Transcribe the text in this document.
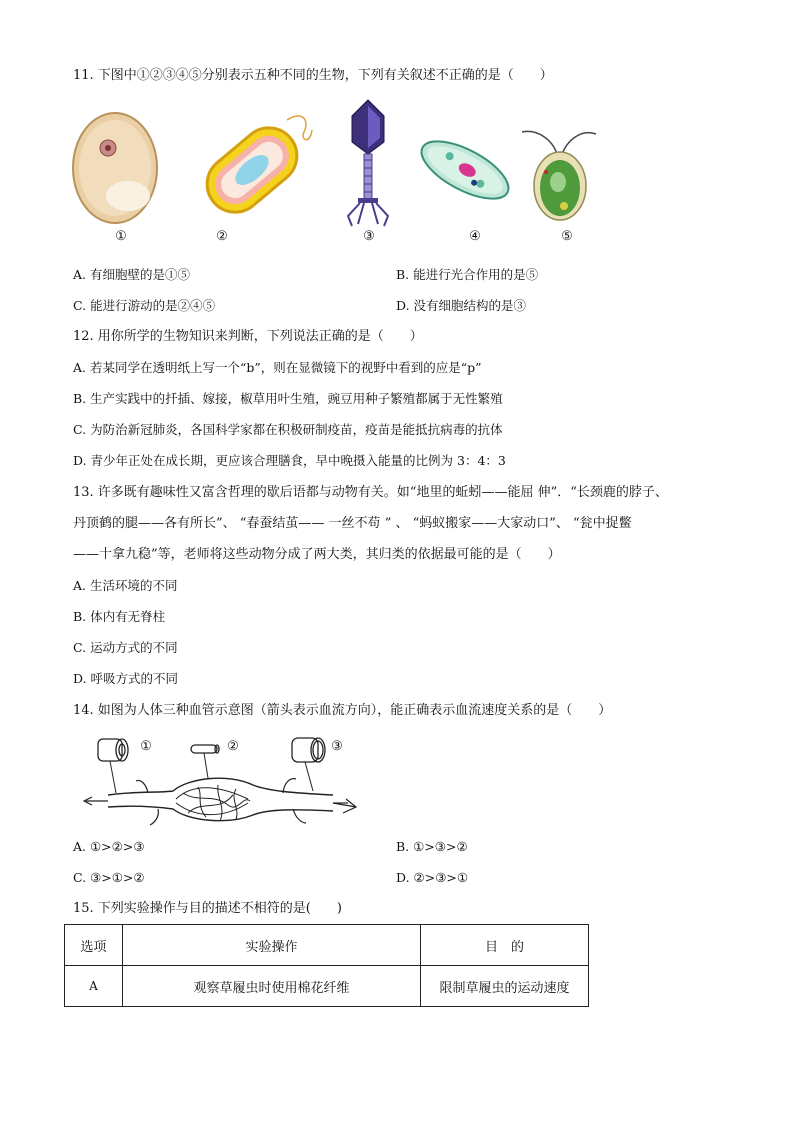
11. 下图中①②③④⑤分别表示五种不同的生物，下列有关叙述不正确的是（　　）
①	②	③	④	⑤
A. 有细胞壁的是①⑤	B. 能进行光合作用的是⑤
C. 能进行游动的是②④⑤	D. 没有细胞结构的是③
12. 用你所学的生物知识来判断，下列说法正确的是（　　）
A. 若某同学在透明纸上写一个“b”，则在显微镜下的视野中看到的应是“p”
B. 生产实践中的扦插、嫁接，椒草用叶生殖，豌豆用种子繁殖都属于无性繁殖
C. 为防治新冠肺炎，各国科学家都在积极研制疫苗，疫苗是能抵抗病毒的抗体
D. 青少年正处在成长期，更应该合理膳食，早中晚摄入能量的比例为 3：4：3
13. 许多既有趣味性又富含哲理的歇后语都与动物有关。如“地里的蚯蚓——能屈 伸”．“长颈鹿的脖子、
丹顶鹤的腿——各有所长”、 “春蚕结茧—— 一丝不苟 ” 、 “蚂蚁搬家——大家动口”、 “瓮中捉鳖
——十拿九稳”等，老师将这些动物分成了两大类，其归类的依据最可能的是（　　）
A. 生活环境的不同
B. 体内有无脊柱
C. 运动方式的不同
D. 呼吸方式的不同
14. 如图为人体三种血管示意图（箭头表示血流方向），能正确表示血流速度关系的是（　　）
①	②	③
A. ①>②>③	B. ①>③>②
C. ③>①>②	D. ②>③>①
15. 下列实验操作与目的描述不相符的是(　　)
选项	实验操作	目　的
A	观察草履虫时使用棉花纤维	限制草履虫的运动速度
